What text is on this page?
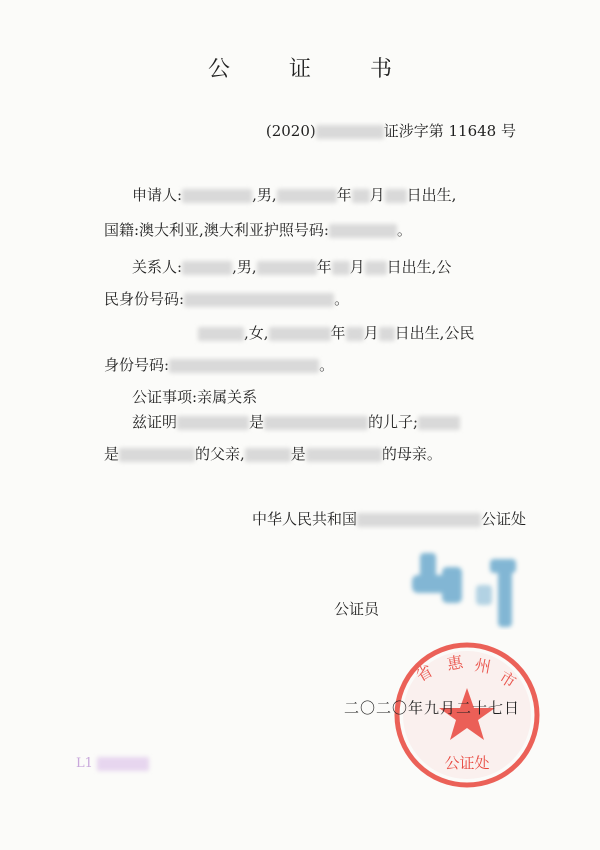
公 证 书
(2020)	证涉字第 11648 号
申请人:	,男,	年 月 日出生,
国籍:澳大利亚,澳大利亚护照号码:	。
关系人:	,男,	年 月 日出生,公
民身份号码:	。
,女,	年 月 日出生,公民
身份号码:	。
公证事项:亲属关系
兹证明	是	的儿子;
是	的父亲,	是	的母亲。
中华人民共和国	公证处
公证员
省 惠 州
市
公证处
二〇二〇年九月二十七日
L1
